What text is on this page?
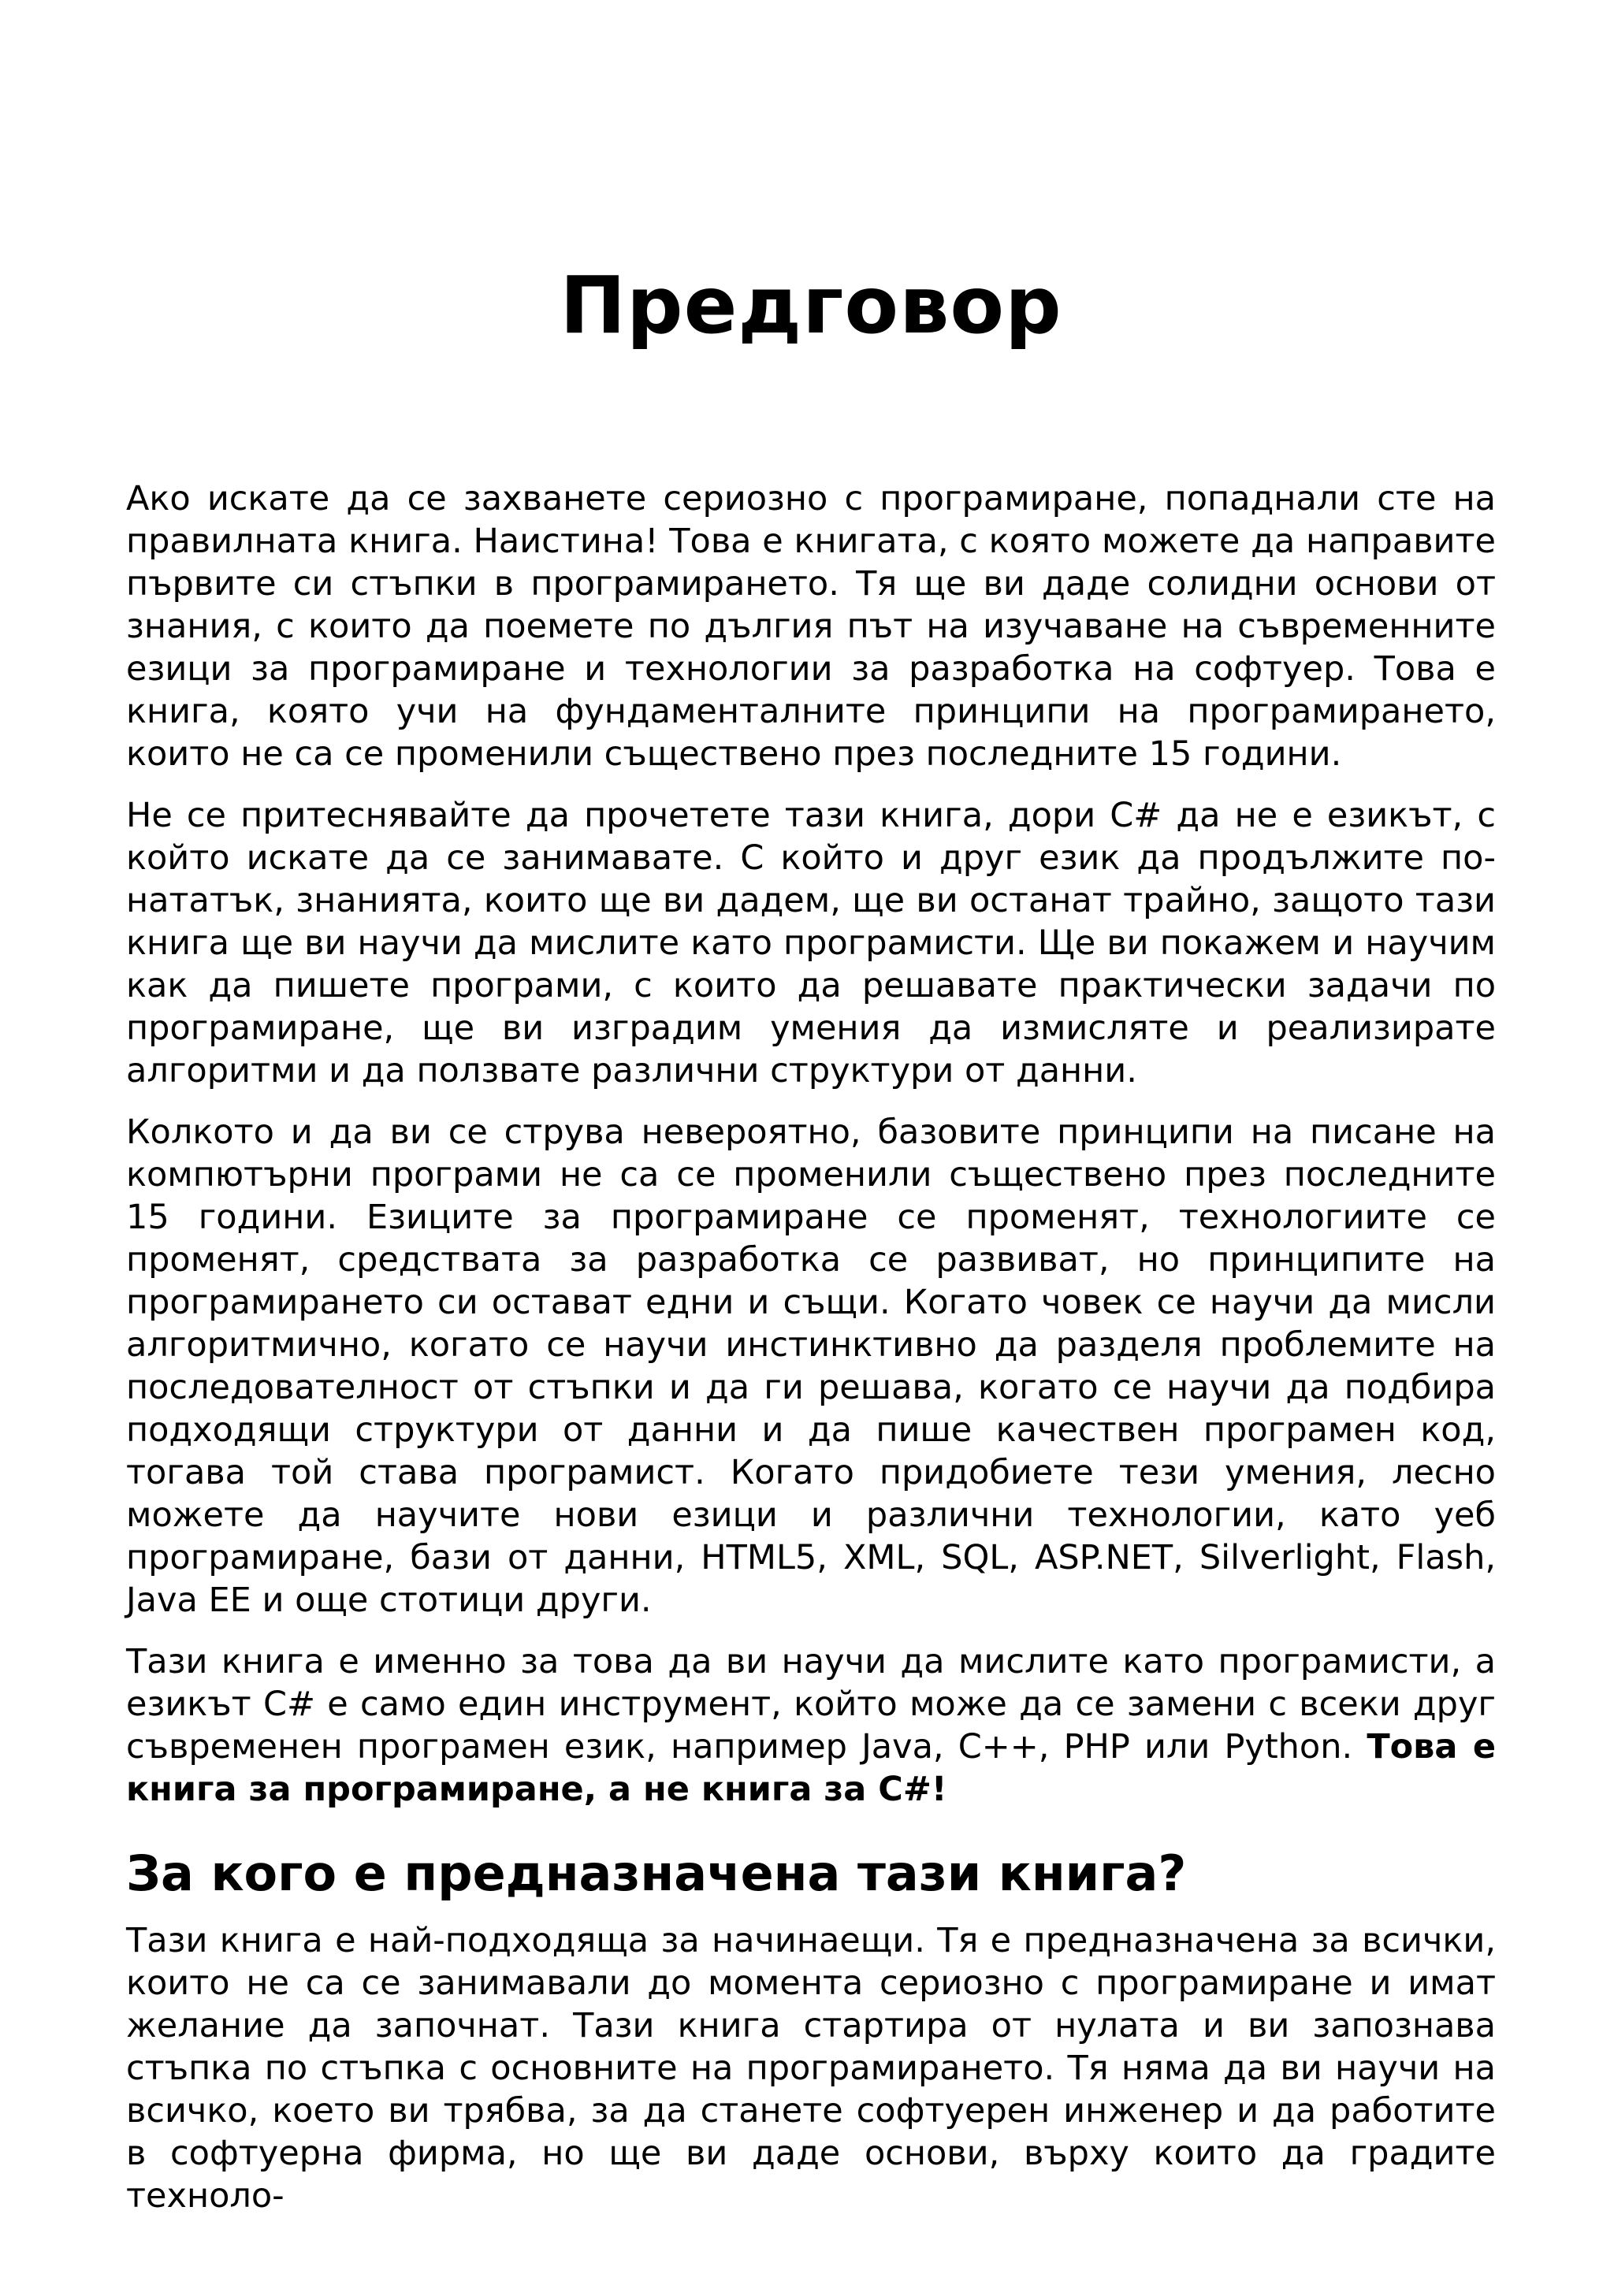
Предговор

Ако искате да се захванете сериозно с програмиране, попаднали сте на правилната книга. Наистина! Това е книгата, с която можете да направите първите си стъпки в програмирането. Тя ще ви даде солидни основи от знания, с които да поемете по дългия път на изучаване на съвременните езици за програмиране и технологии за разработка на софтуер. Това е книга, която учи на фундаменталните принципи на програмирането, които не са се променили съществено през последните 15 години.

Не се притеснявайте да прочетете тази книга, дори C# да не е езикът, с който искате да се занимавате. С който и друг език да продължите по-нататък, знанията, които ще ви дадем, ще ви останат трайно, защото тази книга ще ви научи да мислите като програмисти. Ще ви покажем и научим как да пишете програми, с които да решавате практически задачи по програмиране, ще ви изградим умения да измисляте и реализирате алгоритми и да ползвате различни структури от данни.

Колкото и да ви се струва невероятно, базовите принципи на писане на компютърни програми не са се променили съществено през последните 15 години. Езиците за програмиране се променят, технологиите се променят, средствата за разработка се развиват, но принципите на програмирането си остават едни и същи. Когато човек се научи да мисли алгоритмично, когато се научи инстинктивно да разделя проблемите на последователност от стъпки и да ги решава, когато се научи да подбира подходящи структури от данни и да пише качествен програмен код, тогава той става програмист. Когато придобиете тези умения, лесно можете да научите нови езици и различни технологии, като уеб програмиране, бази от данни, HTML5, XML, SQL, ASP.NET, Silverlight, Flash, Java EE и още стотици други.

Тази книга е именно за това да ви научи да мислите като програмисти, а езикът C# е само един инструмент, който може да се замени с всеки друг съвременен програмен език, например Java, C++, PHP или Python. Това е книга за програмиране, а не книга за C#!

За кого е предназначена тази книга?

Тази книга е най-подходяща за начинаещи. Тя е предназначена за всички, които не са се занимавали до момента сериозно с програмиране и имат желание да започнат. Тази книга стартира от нулата и ви запознава стъпка по стъпка с основните на програмирането. Тя няма да ви научи на всичко, което ви трябва, за да станете софтуерен инженер и да работите в софтуерна фирма, но ще ви даде основи, върху които да градите техноло-
